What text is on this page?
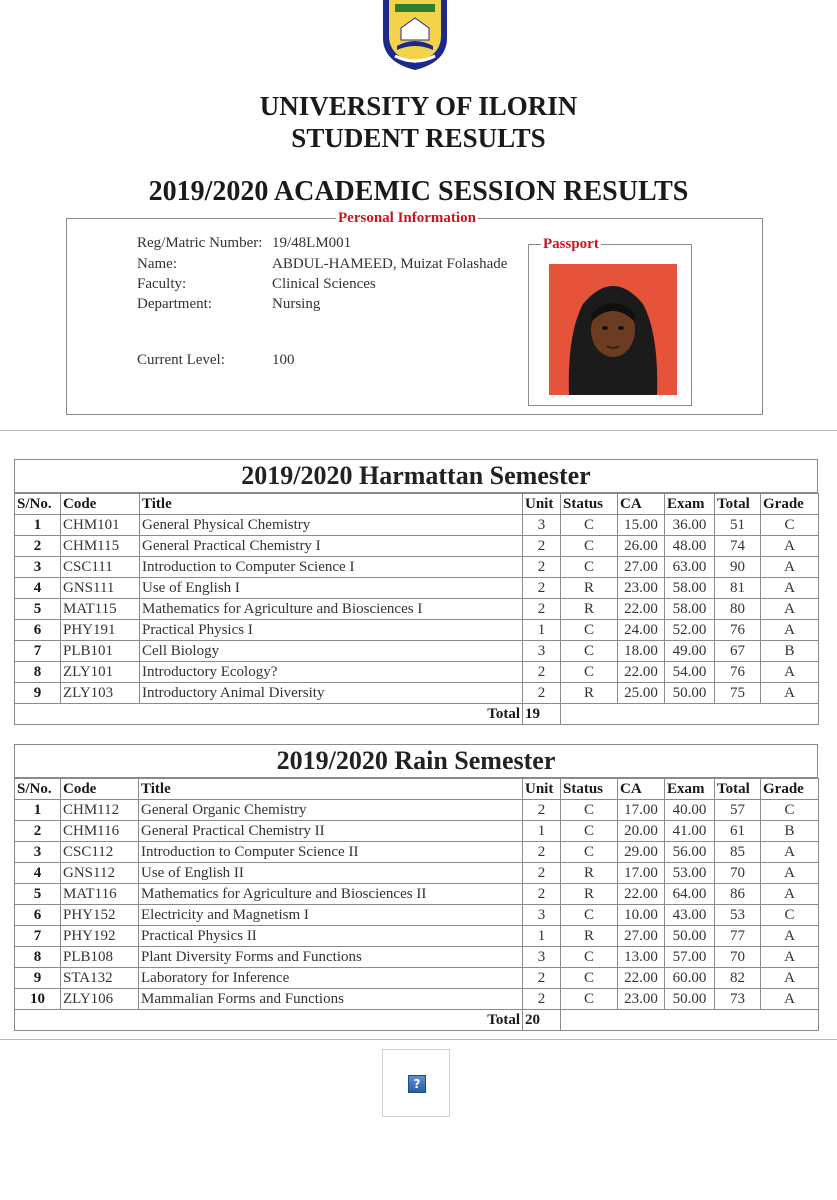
UNIVERSITY OF ILORIN
STUDENT RESULTS
2019/2020 ACADEMIC SESSION RESULTS
Personal Information
Reg/Matric Number: 19/48LM001
Name:	ABDUL-HAMEED, Muizat Folashade
Faculty:	Clinical Sciences
Department:	Nursing
Current Level:	100
Passport
2019/2020 Harmattan Semester
S/No.	Code	Title	Unit	Status	CA	Exam	Total	Grade
1	CHM101	General Physical Chemistry	3	C	15.00	36.00	51	C
2	CHM115	General Practical Chemistry I	2	C	26.00	48.00	74	A
3	CSC111	Introduction to Computer Science I	2	C	27.00	63.00	90	A
4	GNS111	Use of English I	2	R	23.00	58.00	81	A
5	MAT115	Mathematics for Agriculture and Biosciences I	2	R	22.00	58.00	80	A
6	PHY191	Practical Physics I	1	C	24.00	52.00	76	A
7	PLB101	Cell Biology	3	C	18.00	49.00	67	B
8	ZLY101	Introductory Ecology?	2	C	22.00	54.00	76	A
9	ZLY103	Introductory Animal Diversity	2	R	25.00	50.00	75	A
Total			19					
2019/2020 Rain Semester
S/No.	Code	Title	Unit	Status	CA	Exam	Total	Grade
1	CHM112	General Organic Chemistry	2	C	17.00	40.00	57	C
2	CHM116	General Practical Chemistry II	1	C	20.00	41.00	61	B
3	CSC112	Introduction to Computer Science II	2	C	29.00	56.00	85	A
4	GNS112	Use of English II	2	R	17.00	53.00	70	A
5	MAT116	Mathematics for Agriculture and Biosciences II	2	R	22.00	64.00	86	A
6	PHY152	Electricity and Magnetism I	3	C	10.00	43.00	53	C
7	PHY192	Practical Physics II	1	R	27.00	50.00	77	A
8	PLB108	Plant Diversity Forms and Functions	3	C	13.00	57.00	70	A
9	STA132	Laboratory for Inference	2	C	22.00	60.00	82	A
10	ZLY106	Mammalian Forms and Functions	2	C	23.00	50.00	73	A
Total			20					
?
